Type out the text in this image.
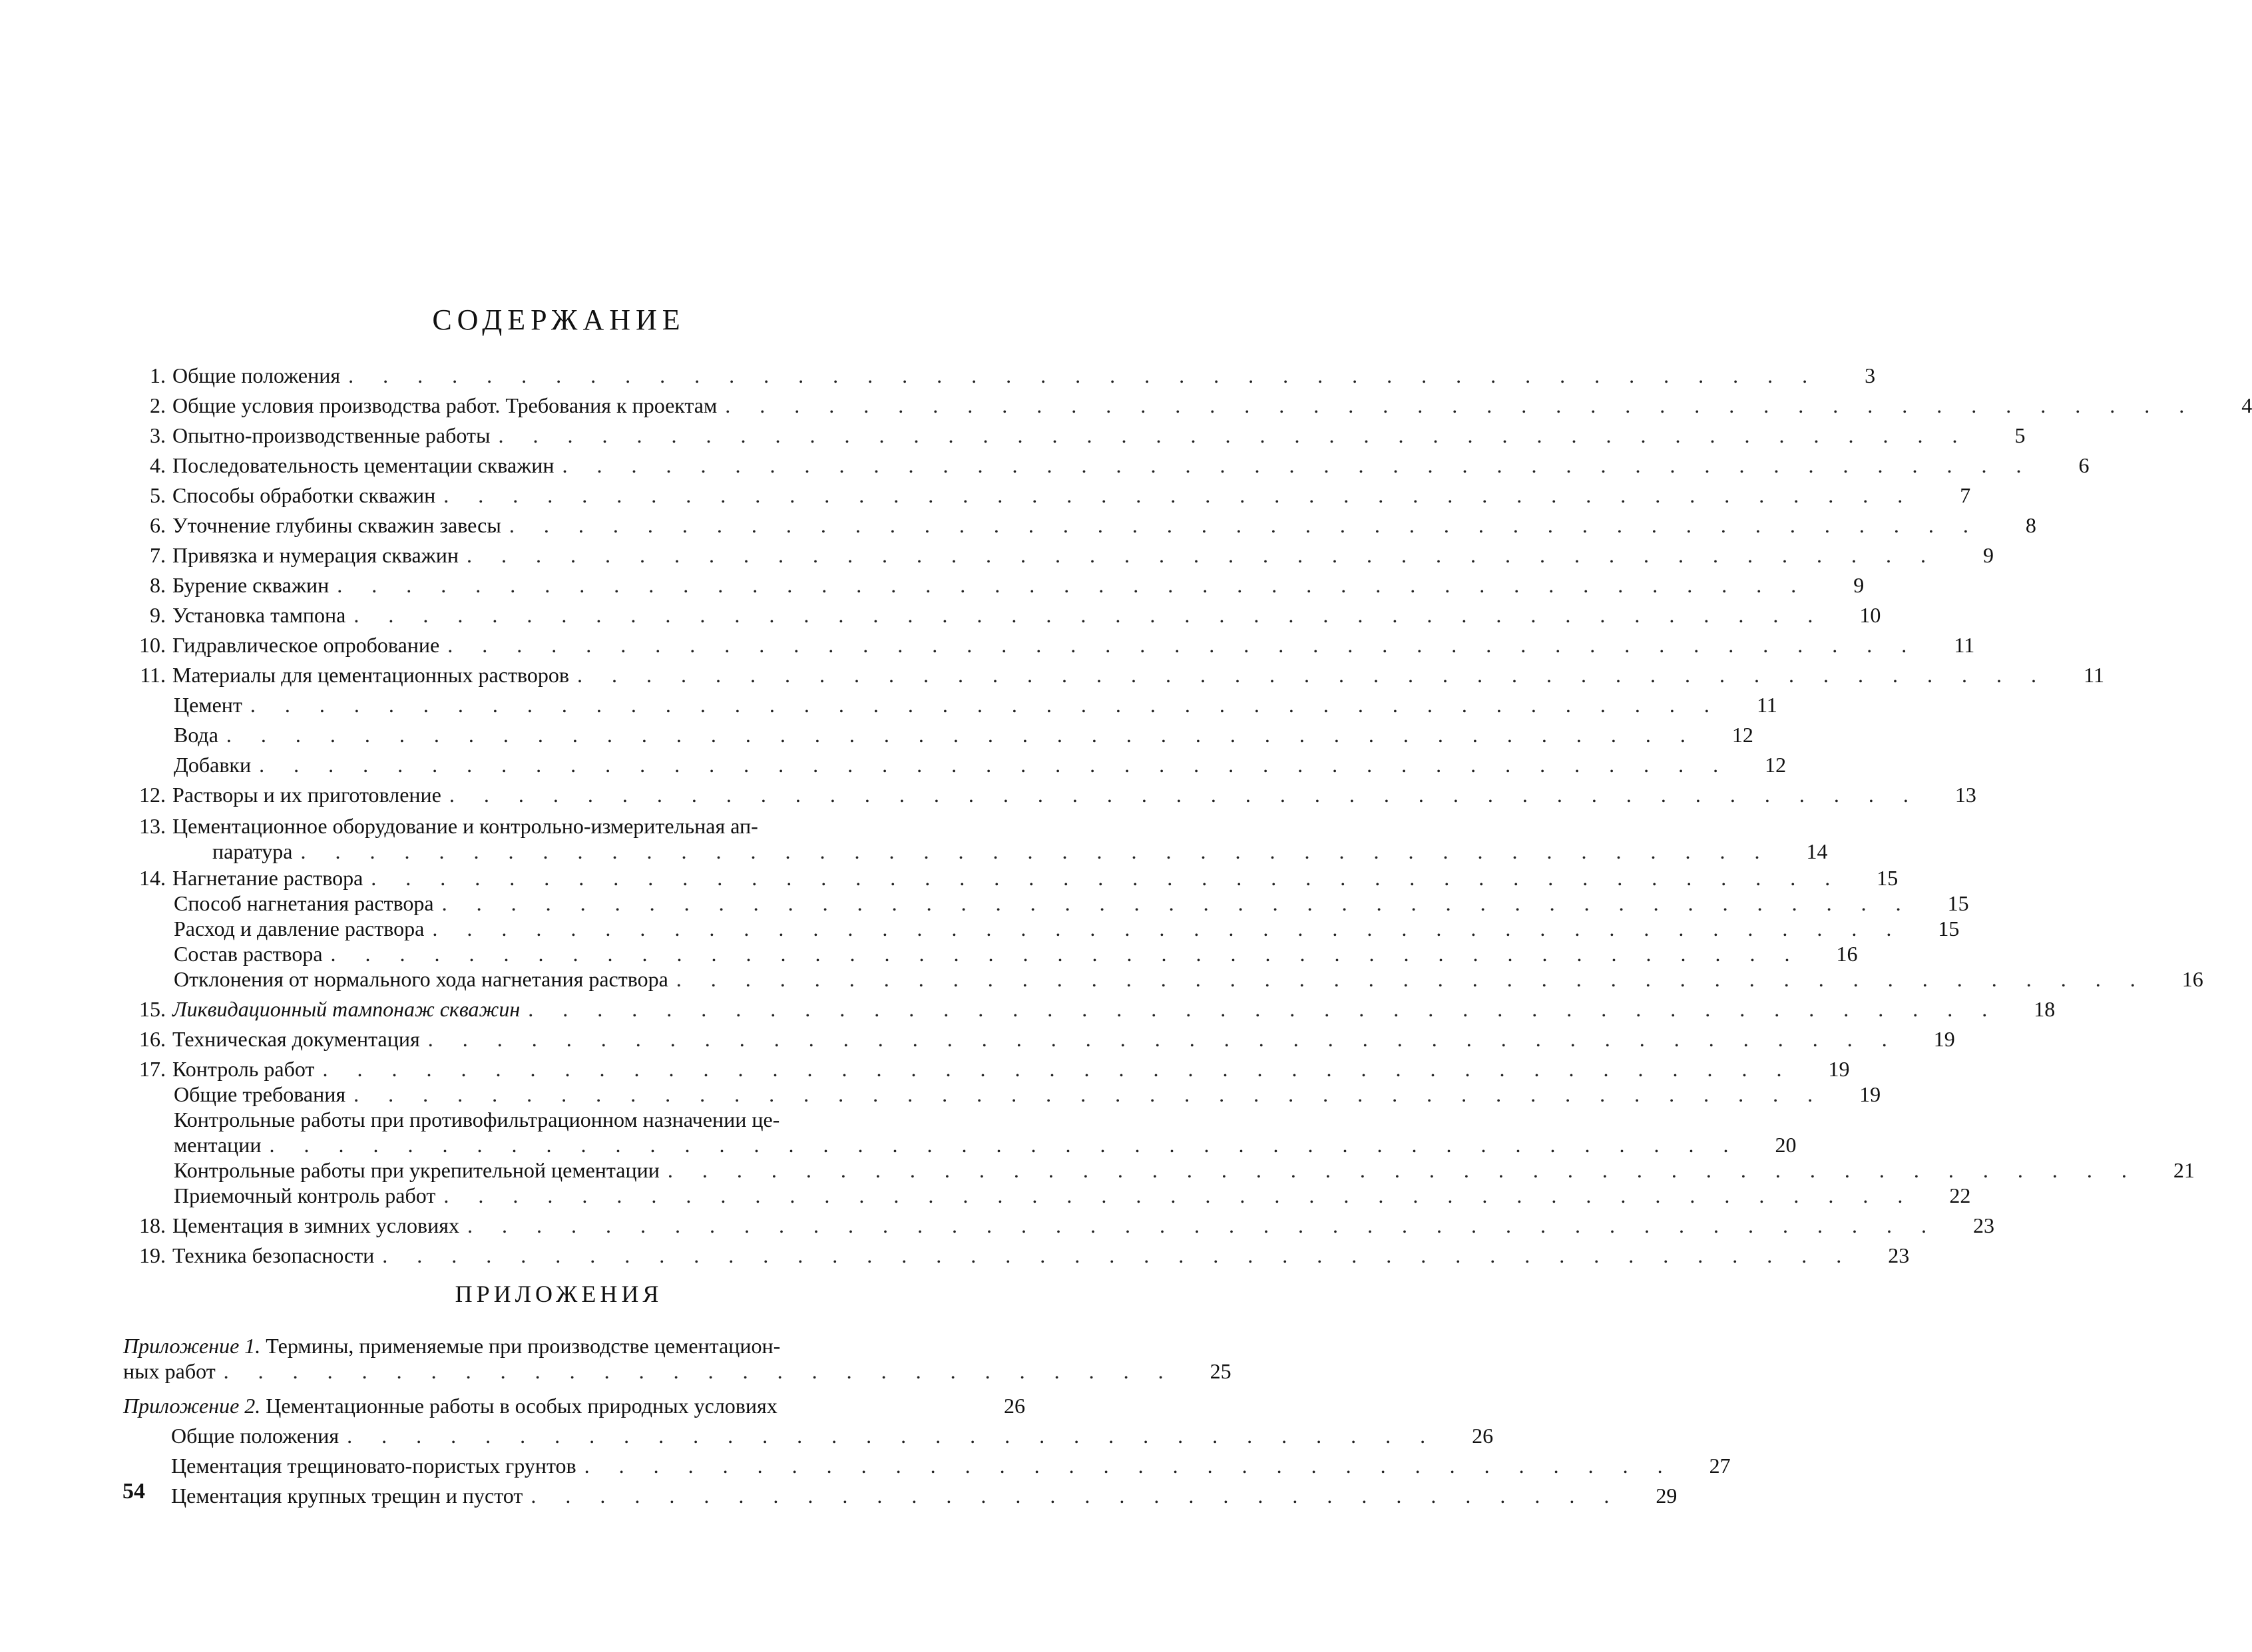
СОДЕРЖАНИЕ
1. Общие положения . . . . . . . . . . . . . . . . . . . . . . . . . . . . . . . . . . . . . . . . . . .	3
2. Общие условия производства работ. Требования к проектам . . . . . . . . . . . . . . . . . . . . . . . . . . . . . . . . . . . . . . . . . . .	4
3. Опытно-производственные работы . . . . . . . . . . . . . . . . . . . . . . . . . . . . . . . . . . . . . . . . . . .	5
4. Последовательность цементации скважин . . . . . . . . . . . . . . . . . . . . . . . . . . . . . . . . . . . . . . . . . . .	6
5. Способы обработки скважин . . . . . . . . . . . . . . . . . . . . . . . . . . . . . . . . . . . . . . . . . . .	7
6. Уточнение глубины скважин завесы . . . . . . . . . . . . . . . . . . . . . . . . . . . . . . . . . . . . . . . . . . .	8
7. Привязка и нумерация скважин . . . . . . . . . . . . . . . . . . . . . . . . . . . . . . . . . . . . . . . . . . .	9
8. Бурение скважин . . . . . . . . . . . . . . . . . . . . . . . . . . . . . . . . . . . . . . . . . . .	9
9. Установка тампона . . . . . . . . . . . . . . . . . . . . . . . . . . . . . . . . . . . . . . . . . . .	10
10. Гидравлическое опробование . . . . . . . . . . . . . . . . . . . . . . . . . . . . . . . . . . . . . . . . . . .	11
11. Материалы для цементационных растворов . . . . . . . . . . . . . . . . . . . . . . . . . . . . . . . . . . . . . . . . . . .	11
Цемент . . . . . . . . . . . . . . . . . . . . . . . . . . . . . . . . . . . . . . . . . . .	11
Вода . . . . . . . . . . . . . . . . . . . . . . . . . . . . . . . . . . . . . . . . . . .	12
Добавки . . . . . . . . . . . . . . . . . . . . . . . . . . . . . . . . . . . . . . . . . . .	12
12. Растворы и их приготовление . . . . . . . . . . . . . . . . . . . . . . . . . . . . . . . . . . . . . . . . . . .	13
13. Цементационное оборудование и контрольно-измерительная ап-
паратура . . . . . . . . . . . . . . . . . . . . . . . . . . . . . . . . . . . . . . . . . . .	14
14. Нагнетание раствора . . . . . . . . . . . . . . . . . . . . . . . . . . . . . . . . . . . . . . . . . . .	15
Способ нагнетания раствора . . . . . . . . . . . . . . . . . . . . . . . . . . . . . . . . . . . . . . . . . . .	15
Расход и давление раствора . . . . . . . . . . . . . . . . . . . . . . . . . . . . . . . . . . . . . . . . . . .	15
Состав раствора . . . . . . . . . . . . . . . . . . . . . . . . . . . . . . . . . . . . . . . . . . .	16
Отклонения от нормального хода нагнетания раствора . . . . . . . . . . . . . . . . . . . . . . . . . . . . . . . . . . . . . . . . . . .	16
15. Ликвидационный тампонаж скважин . . . . . . . . . . . . . . . . . . . . . . . . . . . . . . . . . . . . . . . . . . .	18
16. Техническая документация . . . . . . . . . . . . . . . . . . . . . . . . . . . . . . . . . . . . . . . . . . .	19
17. Контроль работ . . . . . . . . . . . . . . . . . . . . . . . . . . . . . . . . . . . . . . . . . . .	19
Общие требования . . . . . . . . . . . . . . . . . . . . . . . . . . . . . . . . . . . . . . . . . . .	19
Контрольные работы при противофильтрационном назначении це-
ментации . . . . . . . . . . . . . . . . . . . . . . . . . . . . . . . . . . . . . . . . . . .	20
Контрольные работы при укрепительной цементации . . . . . . . . . . . . . . . . . . . . . . . . . . . . . . . . . . . . . . . . . . .	21
Приемочный контроль работ . . . . . . . . . . . . . . . . . . . . . . . . . . . . . . . . . . . . . . . . . . .	22
18. Цементация в зимних условиях . . . . . . . . . . . . . . . . . . . . . . . . . . . . . . . . . . . . . . . . . . .	23
19. Техника безопасности . . . . . . . . . . . . . . . . . . . . . . . . . . . . . . . . . . . . . . . . . . .	23
ПРИЛОЖЕНИЯ
Приложение 1. Термины, применяемые при производстве цементацион-
ных работ . . . . . . . . . . . . . . . . . . . . . . . . . . . .	25
Приложение 2. Цементационные работы в особых природных условиях	26
Общие положения . . . . . . . . . . . . . . . . . . . . . . . . . . . . . . . .	26
Цементация трещиновато-пористых грунтов . . . . . . . . . . . . . . . . . . . . . . . . . . . . . . . .	27
Цементация крупных трещин и пустот . . . . . . . . . . . . . . . . . . . . . . . . . . . . . . . .	29
54
